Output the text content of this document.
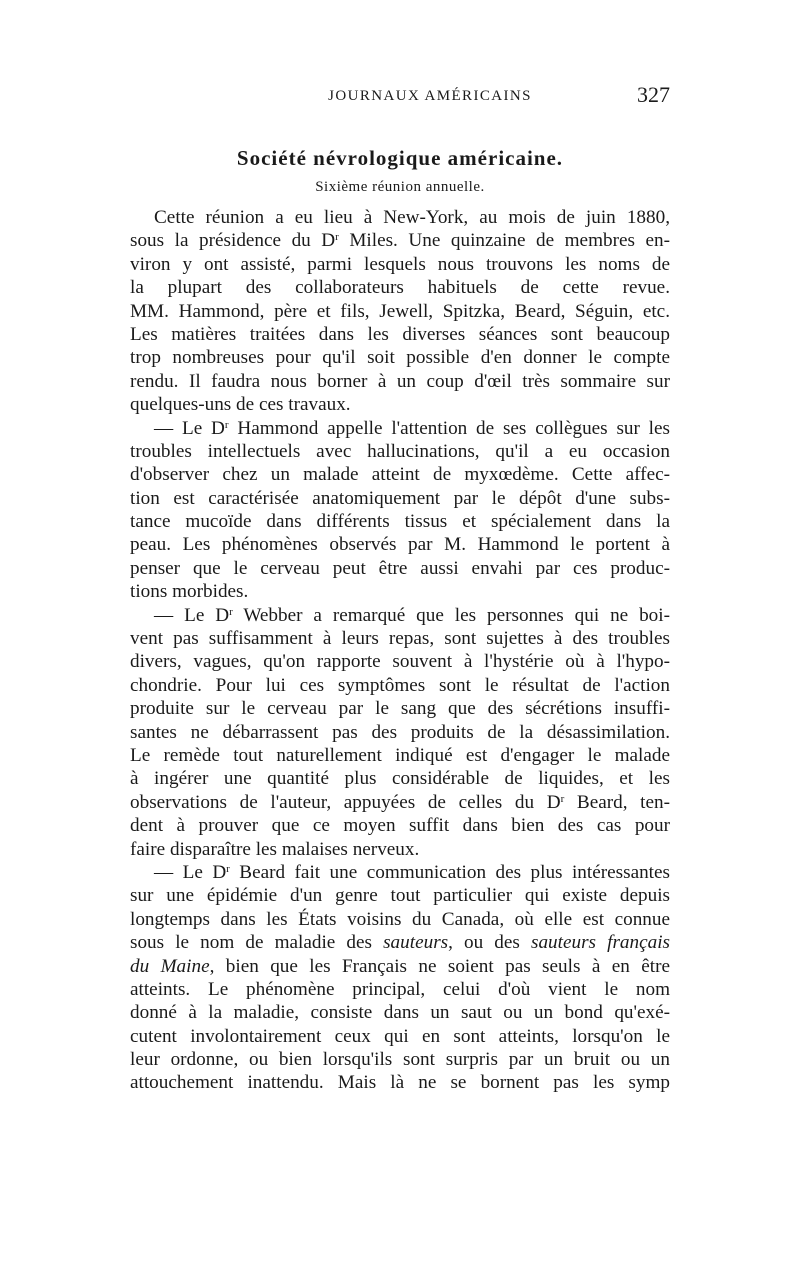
JOURNAUX AMÉRICAINS	327
Société névrologique américaine.
Sixième réunion annuelle.
Cette réunion a eu lieu à New-York, au mois de juin 1880,
sous la présidence du $D^r$ Miles. Une quinzaine de membres en-
viron y ont assisté, parmi lesquels nous trouvons les noms de
la plupart des collaborateurs habituels de cette revue.
MM. Hammond, père et fils, Jewell, Spitzka, Beard, Séguin, etc.
Les matières traitées dans les diverses séances sont beaucoup
trop nombreuses pour qu'il soit possible d'en donner le compte
rendu. Il faudra nous borner à un coup d'œil très sommaire sur
quelques-uns de ces travaux.
— Le $D^r$ Hammond appelle l'attention de ses collègues sur les
troubles intellectuels avec hallucinations, qu'il a eu occasion
d'observer chez un malade atteint de myxœdème. Cette affec-
tion est caractérisée anatomiquement par le dépôt d'une subs-
tance mucoïde dans différents tissus et spécialement dans la
peau. Les phénomènes observés par M. Hammond le portent à
penser que le cerveau peut être aussi envahi par ces produc-
tions morbides.
— Le $D^r$ Webber a remarqué que les personnes qui ne boi-
vent pas suffisamment à leurs repas, sont sujettes à des troubles
divers, vagues, qu'on rapporte souvent à l'hystérie où à l'hypo-
chondrie. Pour lui ces symptômes sont le résultat de l'action
produite sur le cerveau par le sang que des sécrétions insuffi-
santes ne débarrassent pas des produits de la désassimilation.
Le remède tout naturellement indiqué est d'engager le malade
à ingérer une quantité plus considérable de liquides, et les
observations de l'auteur, appuyées de celles du $D^r$ Beard, ten-
dent à prouver que ce moyen suffit dans bien des cas pour
faire disparaître les malaises nerveux.
— Le $D^r$ Beard fait une communication des plus intéressantes
sur une épidémie d'un genre tout particulier qui existe depuis
longtemps dans les États voisins du Canada, où elle est connue
sous le nom de maladie des sauteurs, ou des sauteurs français
du Maine, bien que les Français ne soient pas seuls à en être
atteints. Le phénomène principal, celui d'où vient le nom
donné à la maladie, consiste dans un saut ou un bond qu'exé-
cutent involontairement ceux qui en sont atteints, lorsqu'on le
leur ordonne, ou bien lorsqu'ils sont surpris par un bruit ou un
attouchement inattendu. Mais là ne se bornent pas les symp
